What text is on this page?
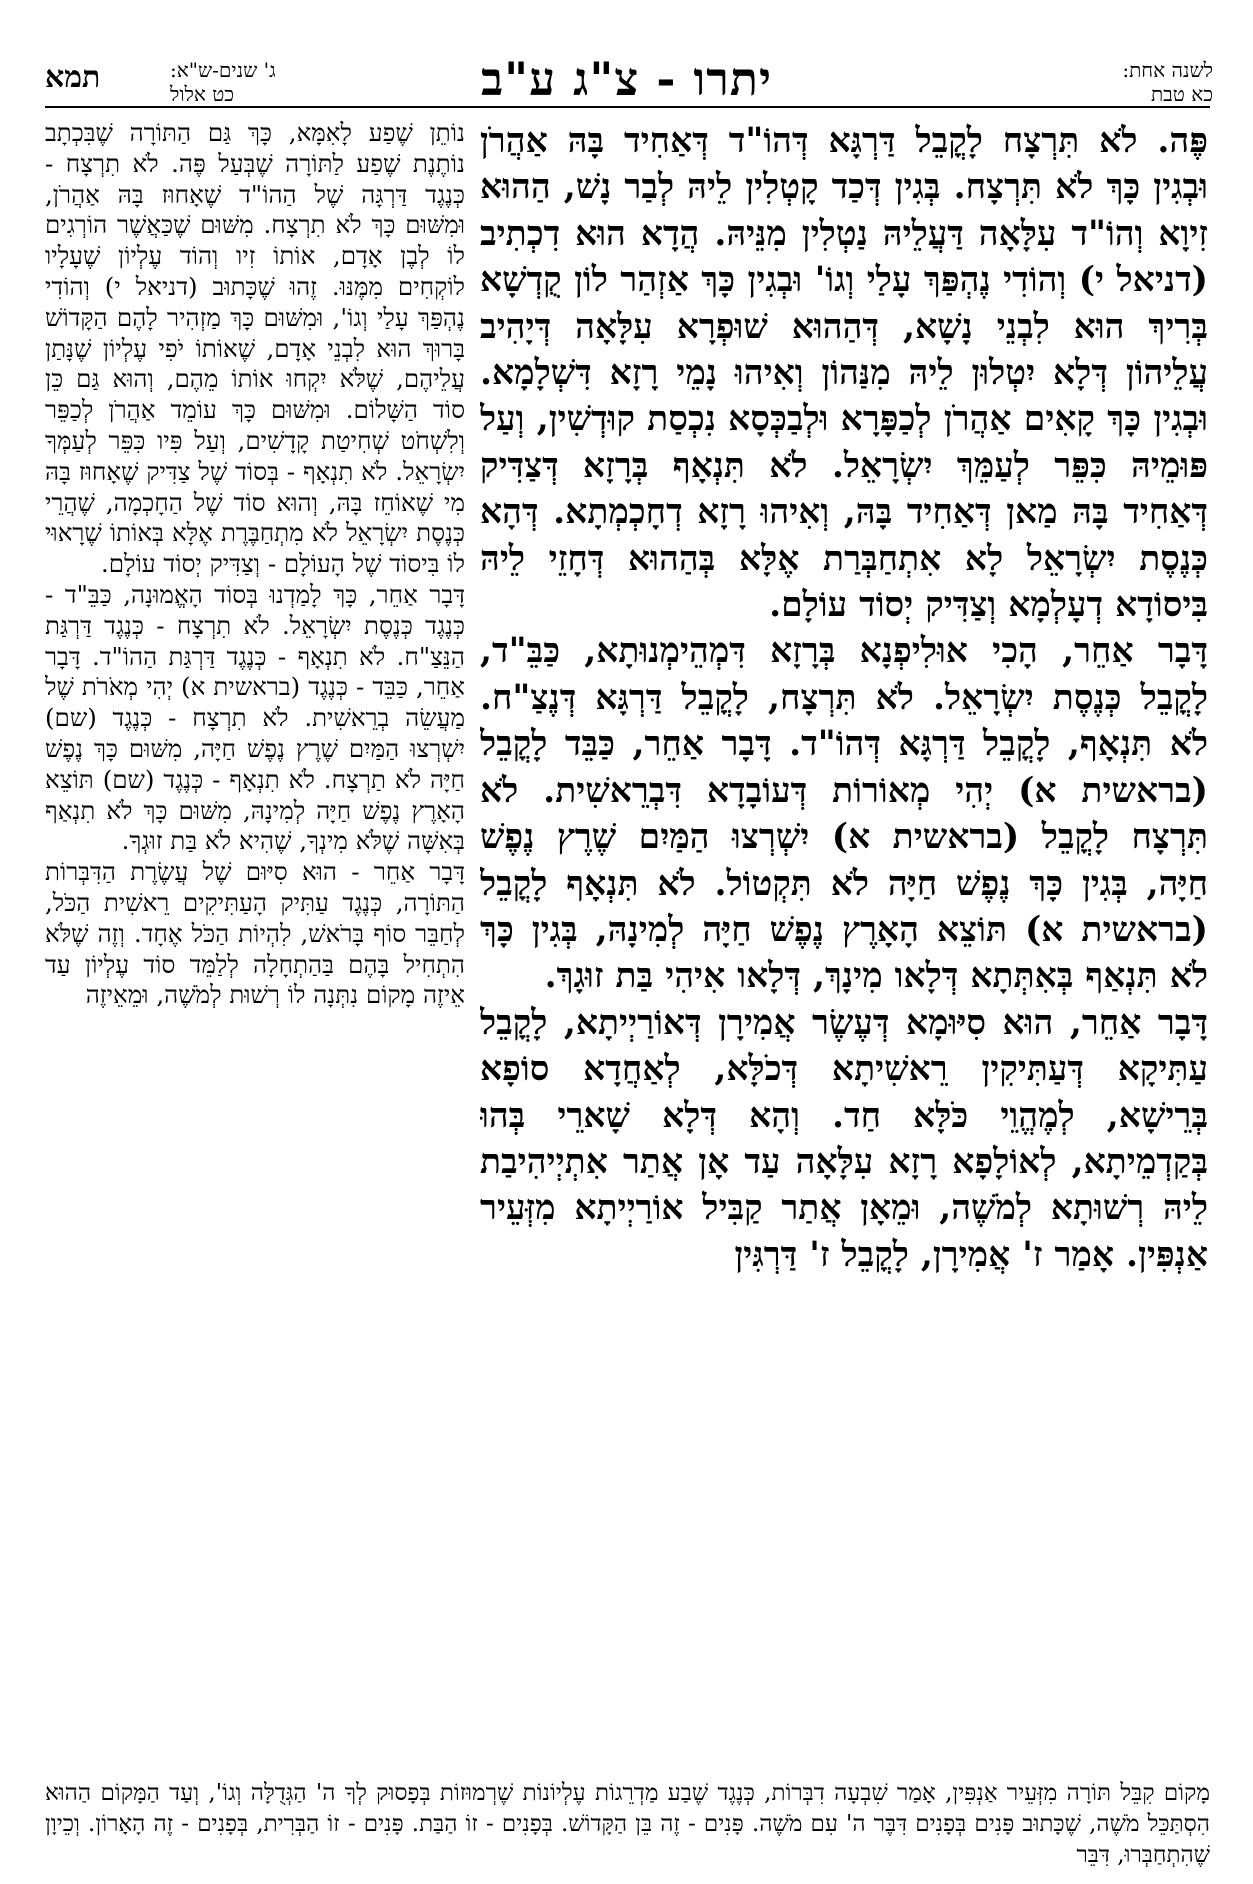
לשנה אחת:
כא טבת
יתרו - צ"ג ע"ב
ג' שנים-ש"א:
כט אלול
תמא

פֶּה. לֹא תִּרְצָח לָקֳבֵל דַּרְגָּא דְּהוֹ"ד דְּאַחִיד בָּהּ אַהֲרֹן וּבְגִין כָּךְ לֹא תִּרְצָח. בְּגִין דְּכַד קָטְלִין לֵיהּ לְבַר נָשׁ, הַהוּא זִיוָא וְהוֹ"ד עִלָּאָה דַּעֲלֵיהּ נַטְלִין מִנֵּיהּ. הֲדָא הוּא דִכְתִיב (דניאל י) וְהוֹדִי נֶהְפַּךְ עָלַי וְגוֹ' וּבְגִין כָּךְ אַזְהַר לוֹן קֻדְשָׁא בְּרִיךְ הוּא לִבְנֵי נָשָׁא, דְּהַהוּא שׁוּפְרָא עִלָּאָה דְּיָהִיב עֲלֵיהוֹן דְּלָא יִטְלוּן לֵיהּ מִנַּהוֹן וְאִיהוּ נָמֵי רָזָא דִּשְׁלָמָא. וּבְגִין כָּךְ קָאִים אַהֲרֹן לְכַפָּרָא וּלְבַכְּסָא נִכְסַת קוּדְשִׁין, וְעַל פּוּמֵיהּ כִּפֵּר לְעַמֵּךְ יִשְׂרָאֵל. לֹא תִּנְאָף בְּרָזָא דְּצַדִּיק דְּאַחִיד בָּהּ מַאן דְּאַחִיד בָּהּ, וְאִיהוּ רָזָא דְחָכְמְתָא. דְּהָא כְּנֶסֶת יִשְׂרָאֵל לָא אִתְחַבְּרַת אֶלָּא בְּהַהוּא דְּחָזֵי לֵיהּ בִּיסוֹדָא דְעָלְמָא וְצַדִּיק יְסוֹד עוֹלָם.

דָּבָר אַחֵר, הָכִי אוּלִיפְנָא בְּרָזָא דִּמְהֵימְנוּתָא, כַּבֵּ"ד, לָקֳבֵל כְּנֶסֶת יִשְׂרָאֵל. לֹא תִּרְצָח, לָקֳבֵל דַּרְגָּא דְּנֶצַ"ח. לֹא תִּנְאָף, לָקֳבֵל דַּרְגָּא דְּהוֹ"ד. דָּבָר אַחֵר, כַּבֵּד לָקֳבֵל (בראשית א) יְהִי מְאוֹרוֹת דְּעוֹבָדָא דִּבְרֵאשִׁית. לֹא תִּרְצָח לָקֳבֵל (בראשית א) יִשְׁרְצוּ הַמַּיִם שֶׁרֶץ נֶפֶשׁ חַיָּה, בְּגִין כָּךְ נֶפֶשׁ חַיָּה לֹא תִּקְטוֹל. לֹא תִּנְאָף לָקֳבֵל (בראשית א) תּוֹצֵא הָאָרֶץ נֶפֶשׁ חַיָּה לְמִינָהּ, בְּגִין כָּךְ לֹא תִּנְאַף בְּאִתְּתָא דְּלָאו מִינָךְ, דְּלָאו אִיהִי בַּת זוּגָךְ.

דָּבָר אַחֵר, הוּא סִיּוּמָא דְּעֶשֶׂר אֲמִירָן דְּאוֹרַיְיתָא, לָקֳבֵל עַתִּיקָא דְּעַתִּיקִין רֵאשִׁיתָא דְּכֹלָּא, לְאַחֲדָא סוֹפָא בְּרֵישָׁא, לְמֶהֱוֵי כֹּלָּא חַד. וְהָא דְּלָא שָׁארֵי בְּהוּ בְּקַדְמֵיתָא, לְאוֹלָפָא רָזָא עִלָּאָה עַד אָן אֲתַר אִתְיְיהִיבַת לֵיהּ רְשׁוּתָא לְמֹשֶׁה, וּמֵאָן אֲתַר קַבִּיל אוֹרַיְיתָא מִזְּעֵיר אַנְפִּין. אָמַר ז' אֲמִירָן, לָקֳבֵל ז' דַּרְגִּין

נוֹתֵן שֶׁפַע לָאִמָּא, כָּךְ גַּם הַתּוֹרָה שֶׁבִּכְתָב נוֹתֶנֶת שֶׁפַע לַתּוֹרָה שֶׁבְּעַל פֶּה. לֹא תִרְצָח - כְּנֶגֶד דַּרְגָּה שֶׁל הַהוֹ"ד שֶׁאָחוּז בָּהּ אַהֲרֹן, וּמִשּׁוּם כָּךְ לֹא תִרְצָח. מִשּׁוּם שֶׁכַּאֲשֶׁר הוֹרְגִים לוֹ לְבֶן אָדָם, אוֹתוֹ זִיו וְהוֹד עֶלְיוֹן שֶׁעָלָיו לוֹקְחִים מִמֶּנּוּ. זֶהוּ שֶׁכָּתוּב (דניאל י) וְהוֹדִי נֶהְפַּךְ עָלַי וְגוֹ', וּמִשּׁוּם כָּךְ מַזְהִיר לָהֶם הַקָּדוֹשׁ בָּרוּךְ הוּא לִבְנֵי אָדָם, שֶׁאוֹתוֹ יֹפִי עֶלְיוֹן שֶׁנָּתַן עֲלֵיהֶם, שֶׁלֹּא יִקְחוּ אוֹתוֹ מֵהֶם, וְהוּא גַּם כֵּן סוֹד הַשָּׁלוֹם. וּמִשּׁוּם כָּךְ עוֹמֵד אַהֲרֹן לְכַפֵּר וְלִשְׁחֹט שְׁחִיטַת קָדָשִׁים, וְעַל פִּיו כִּפֵּר לְעַמְּךָ יִשְׂרָאֵל. לֹא תִנְאָף - בְּסוֹד שֶׁל צַדִּיק שֶׁאָחוּז בָּהּ מִי שֶׁאוֹחֵז בָּהּ, וְהוּא סוֹד שֶׁל הַחָכְמָה, שֶׁהֲרֵי כְּנֶסֶת יִשְׂרָאֵל לֹא מִתְחַבֶּרֶת אֶלָּא בְּאוֹתוֹ שֶׁרָאוּי לוֹ בִּיסוֹד שֶׁל הָעוֹלָם - וְצַדִּיק יְסוֹד עוֹלָם.

דָּבָר אַחֵר, כָּךְ לָמַדְנוּ בְּסוֹד הָאֱמוּנָה, כַּבֵּ"ד - כְּנֶגֶד כְּנֶסֶת יִשְׂרָאֵל. לֹא תִרְצָח - כְּנֶגֶד דַּרְגַּת הַנֵּצַ"ח. לֹא תִנְאָף - כְּנֶגֶד דַּרְגַּת הַהוֹ"ד. דָּבָר אַחֵר, כַּבֵּד - כְּנֶגֶד (בראשית א) יְהִי מְאֹרֹת שֶׁל מַעֲשֵׂה בְרֵאשִׁית. לֹא תִרְצָח - כְּנֶגֶד (שם) יִשְׁרְצוּ הַמַּיִם שֶׁרֶץ נֶפֶשׁ חַיָּה, מִשּׁוּם כָּךְ נֶפֶשׁ חַיָּה לֹא תַרְצָח. לֹא תִנְאָף - כְּנֶגֶד (שם) תּוֹצֵא הָאָרֶץ נֶפֶשׁ חַיָּה לְמִינָהּ, מִשּׁוּם כָּךְ לֹא תִנְאַף בְּאִשָּׁה שֶׁלֹּא מִינְךָ, שֶׁהִיא לֹא בַּת זוּגְךָ.

דָּבָר אַחֵר - הוּא סִיּוּם שֶׁל עֲשֶׂרֶת הַדִּבְּרוֹת הַתּוֹרָה, כְּנֶגֶד עַתִּיק הָעַתִּיקִים רֵאשִׁית הַכֹּל, לְחַבֵּר סוֹף בָּרֹאשׁ, לִהְיוֹת הַכֹּל אֶחָד. וְזֶה שֶׁלֹּא הִתְחִיל בָּהֶם בַּהַתְחָלָה לְלַמֵּד סוֹד עֶלְיוֹן עַד אֵיזֶה מָקוֹם נִתְּנָה לוֹ רְשׁוּת לְמֹשֶׁה, וּמֵאֵיזֶה

מָקוֹם קִבֵּל תּוֹרָה מִזְּעֵיר אַנְפִּין, אָמַר שִׁבְעָה דִבְּרוֹת, כְּנֶגֶד שֶׁבַע מַדְרֵגוֹת עֶלְיוֹנוֹת שֶׁרְמוּזוֹת בְּפָסוּק לְךָ ה' הַגְּדֻלָּה וְגוֹ', וְעַד הַמָּקוֹם הַהוּא הִסְתַּכֵּל מֹשֶׁה, שֶׁכָּתוּב פָּנִים בְּפָנִים דִּבֶּר ה' עִם מֹשֶׁה. פָּנִים - זֶה בֵּן הַקָּדוֹשׁ. בְּפָנִים - זוֹ הַבַּת. פָּנִים - זוֹ הַבְּרִית, בְּפָנִים - זֶה הָאָרוֹן. וְכֵיוָן שֶׁהִתְחַבְּרוּ, דִּבֵּר
